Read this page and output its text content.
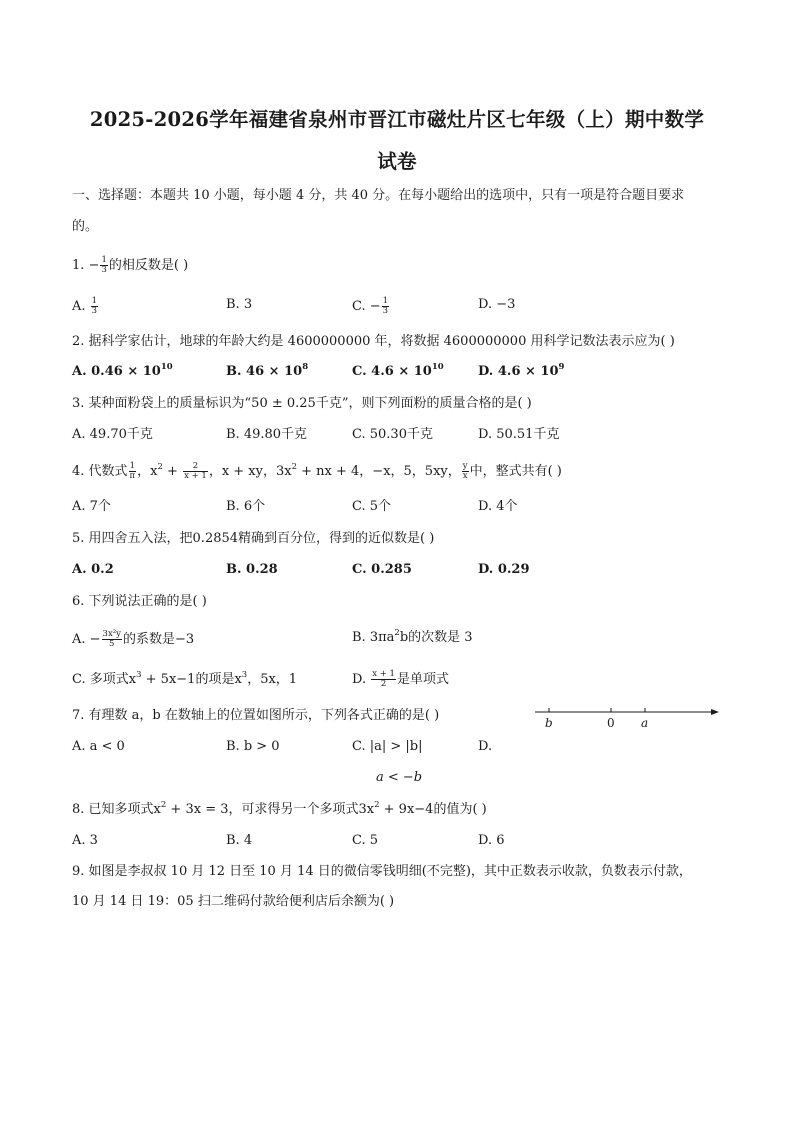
2025-2026学年福建省泉州市晋江市磁灶片区七年级（上）期中数学
试卷
一、选择题：本题共 10 小题，每小题 4 分，共 40 分。在每小题给出的选项中，只有一项是符合题目要求
的。
1. − $\frac{1}{3}$ 的相反数是( )
A. $\frac{1}{3}$	B. 3	C. − $\frac{1}{3}$	D. −3
2. 据科学家估计，地球的年龄大约是 4600000000 年，将数据 4600000000 用科学记数法表示应为( )
A. $0.46 \times 10^{10}$	B. $46 \times 10^8$	C. $4.6 \times 10^{10}$	D. $4.6 \times 10^9$
3. 某种面粉袋上的质量标识为“50 ± 0.25千克”，则下列面粉的质量合格的是( )
A. 49.70千克	B. 49.80千克	C. 50.30千克	D. 50.51千克
4. 代数式 $\frac{1}{\pi}$ ，$x^2 + \frac{2}{x + 1}$ ，x + xy，$3x^2$ + nx + 4，−x，5，5xy， $\frac{y}{x}$ 中，整式共有( )
A. 7个	B. 6个	C. 5个	D. 4个
5. 用四舍五入法，把0.2854精确到百分位，得到的近似数是( )
A. 0.2	B. 0.28	C. 0.285	D. 0.29
6. 下列说法正确的是( )
A. − $\frac{\text{3x²y}}{5}$ 的系数是−3	B. $3\pi a^2b$的次数是 3
C. 多项式$x^3 + 5x-1$的项是$x^3$，5x，1	D. $\frac{x + 1}{2}$ 是单项式
7. 有理数 a，b 在数轴上的位置如图所示，下列各式正确的是( )	b	0 a
A. a < 0	B. b > 0	C. |a| > |b|	D.
a < −b
8. 已知多项式$x^2 + 3x = 3$，可求得另一个多项式$3x^2 + 9x-4$的值为( )
A. 3	B. 4	C. 5	D. 6
9. 如图是李叔叔 10 月 12 日至 10 月 14 日的微信零钱明细(不完整)，其中正数表示收款，负数表示付款，
10 月 14 日 19：05 扫二维码付款给便利店后余额为( )
